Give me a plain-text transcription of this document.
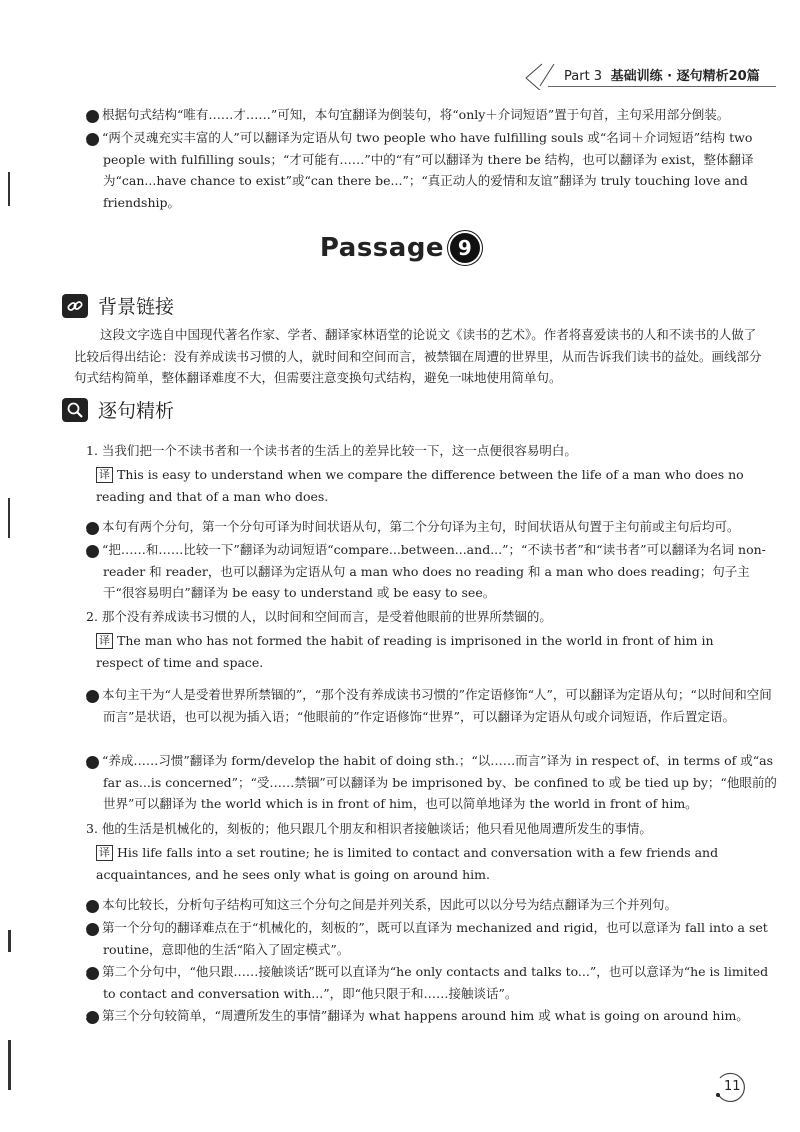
Part 3 基础训练 · 逐句精析20篇
1 根据句式结构“唯有……才……”可知，本句宜翻译为倒装句，将“only＋介词短语”置于句首，主句采用部分倒装。
2 “两个灵魂充实丰富的人”可以翻译为定语从句 two people who have fulfilling souls 或“名词＋介词短语”结构 two people with fulfilling souls；“才可能有……”中的“有”可以翻译为 there be 结构，也可以翻译为 exist，整体翻译为“can...have chance to exist”或“can there be...”；“真正动人的爱情和友谊”翻译为 truly touching love and friendship。
Passage 9
背景链接
这段文字选自中国现代著名作家、学者、翻译家林语堂的论说文《读书的艺术》。作者将喜爱读书的人和不读书的人做了比较后得出结论：没有养成读书习惯的人，就时间和空间而言，被禁锢在周遭的世界里，从而告诉我们读书的益处。画线部分句式结构简单，整体翻译难度不大，但需要注意变换句式结构，避免一味地使用简单句。
逐句精析
1. 当我们把一个不读书者和一个读书者的生活上的差异比较一下，这一点便很容易明白。
译 This is easy to understand when we compare the difference between the life of a man who does no reading and that of a man who does.
1 本句有两个分句，第一个分句可译为时间状语从句，第二个分句译为主句，时间状语从句置于主句前或主句后均可。
2 “把……和……比较一下”翻译为动词短语“compare...between...and...”；“不读书者”和“读书者”可以翻译为名词 non-reader 和 reader，也可以翻译为定语从句 a man who does no reading 和 a man who does reading；句子主干“很容易明白”翻译为 be easy to understand 或 be easy to see。
2. 那个没有养成读书习惯的人，以时间和空间而言，是受着他眼前的世界所禁锢的。
译 The man who has not formed the habit of reading is imprisoned in the world in front of him in respect of time and space.
1 本句主干为“人是受着世界所禁锢的”，“那个没有养成读书习惯的”作定语修饰“人”，可以翻译为定语从句；“以时间和空间而言”是状语，也可以视为插入语；“他眼前的”作定语修饰“世界”，可以翻译为定语从句或介词短语，作后置定语。
2 “养成……习惯”翻译为 form/develop the habit of doing sth.；“以……而言”译为 in respect of、in terms of 或“as far as...is concerned”；“受……禁锢”可以翻译为 be imprisoned by、be confined to 或 be tied up by；“他眼前的世界”可以翻译为 the world which is in front of him，也可以简单地译为 the world in front of him。
3. 他的生活是机械化的，刻板的；他只跟几个朋友和相识者接触谈话；他只看见他周遭所发生的事情。
译 His life falls into a set routine; he is limited to contact and conversation with a few friends and acquaintances, and he sees only what is going on around him.
1 本句比较长，分析句子结构可知这三个分句之间是并列关系，因此可以以分号为结点翻译为三个并列句。
2 第一个分句的翻译难点在于“机械化的，刻板的”，既可以直译为 mechanized and rigid，也可以意译为 fall into a set routine，意即他的生活“陷入了固定模式”。
3 第二个分句中，“他只跟……接触谈话”既可以直译为“he only contacts and talks to...”，也可以意译为“he is limited to contact and conversation with...”，即“他只限于和……接触谈话”。
4 第三个分句较简单，“周遭所发生的事情”翻译为 what happens around him 或 what is going on around him。
11
